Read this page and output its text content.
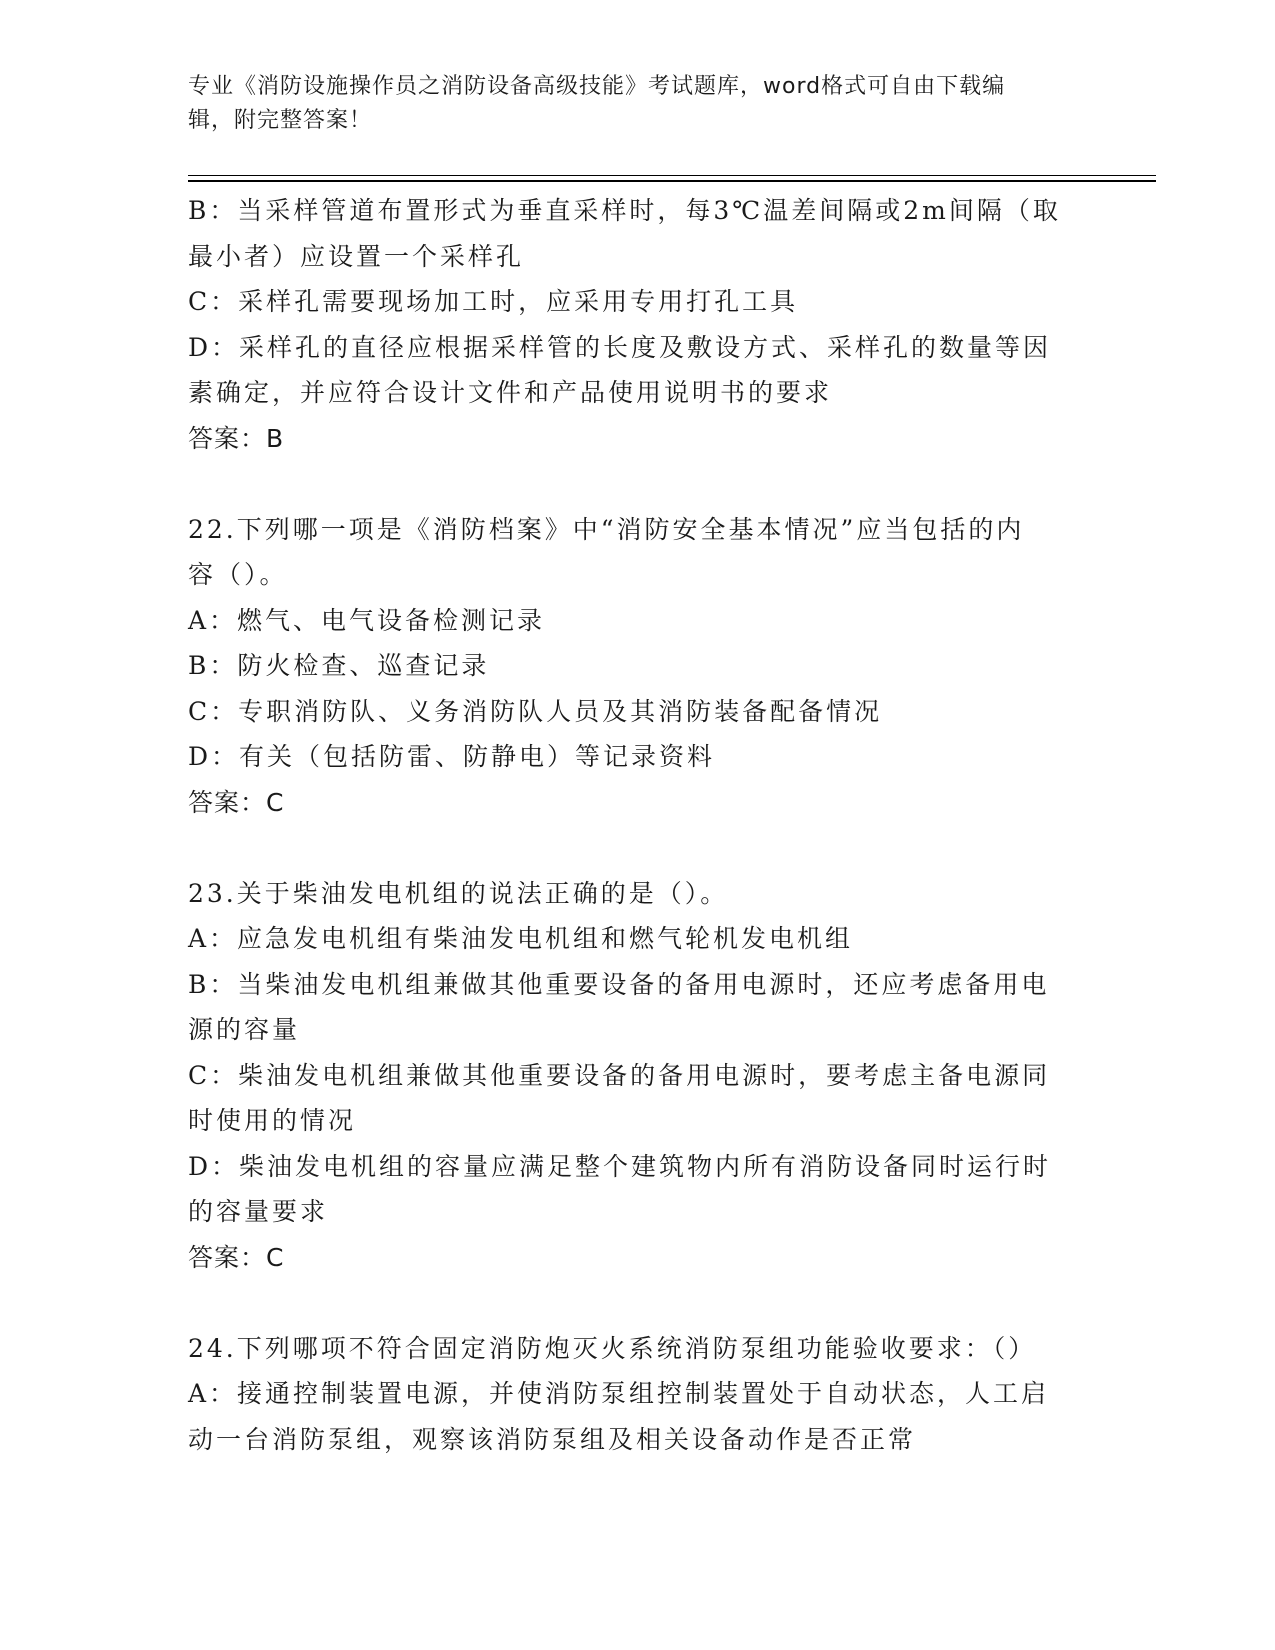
专业《消防设施操作员之消防设备高级技能》考试题库，word格式可自由下载编
辑，附完整答案！
B：当采样管道布置形式为垂直采样时，每3℃温差间隔或2m间隔（取
最小者）应设置一个采样孔
C：采样孔需要现场加工时，应采用专用打孔工具
D：采样孔的直径应根据采样管的长度及敷设方式、采样孔的数量等因
素确定，并应符合设计文件和产品使用说明书的要求
答案：B
22.下列哪一项是《消防档案》中“消防安全基本情况”应当包括的内
容（）。
A：燃气、电气设备检测记录
B：防火检查、巡查记录
C：专职消防队、义务消防队人员及其消防装备配备情况
D：有关（包括防雷、防静电）等记录资料
答案：C
23.关于柴油发电机组的说法正确的是（）。
A：应急发电机组有柴油发电机组和燃气轮机发电机组
B：当柴油发电机组兼做其他重要设备的备用电源时，还应考虑备用电
源的容量
C：柴油发电机组兼做其他重要设备的备用电源时，要考虑主备电源同
时使用的情况
D：柴油发电机组的容量应满足整个建筑物内所有消防设备同时运行时
的容量要求
答案：C
24.下列哪项不符合固定消防炮灭火系统消防泵组功能验收要求：（）
A：接通控制装置电源，并使消防泵组控制装置处于自动状态，人工启
动一台消防泵组，观察该消防泵组及相关设备动作是否正常
